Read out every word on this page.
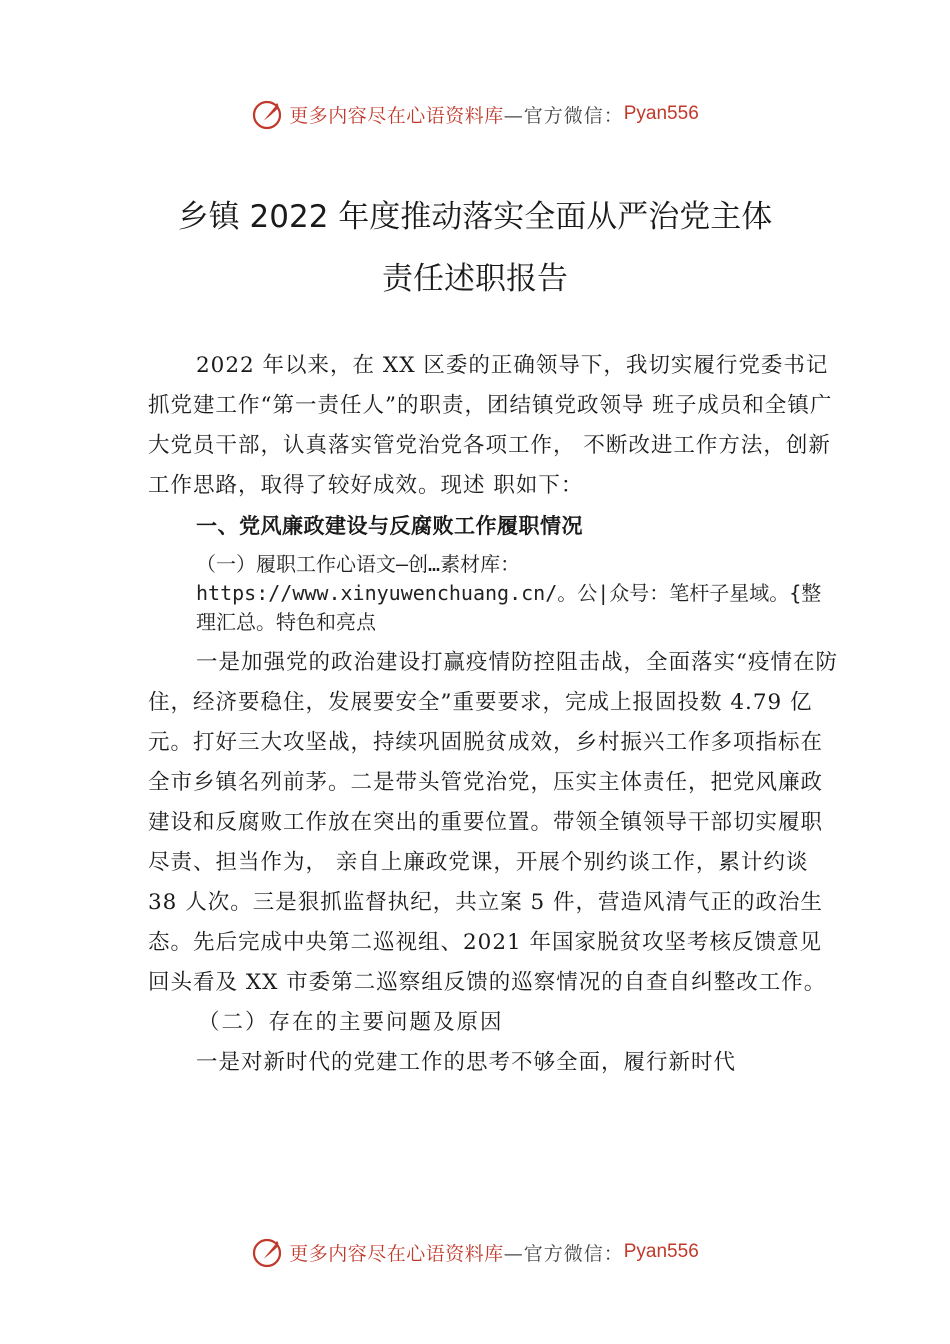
更多内容尽在心语资料库 —官方微信： Pyan556
乡镇 2022 年度推动落实全面从严治党主体
责任述职报告

2022 年以来，在 XX 区委的正确领导下，我切实履行党委书记抓党建工作“第一责任人”的职责，团结镇党政领导 班子成员和全镇广大党员干部，认真落实管党治党各项工作， 不断改进工作方法，创新工作思路，取得了较好成效。现述 职如下：

一、党风廉政建设与反腐败工作履职情况

（一）履职工作心语文—创…素材库：https://www.xinyuwenchuang.cn/。公|众号：笔杆子星域。{整理汇总。特色和亮点

一是加强党的政治建设打赢疫情防控阻击战，全面落实“疫情在防住，经济要稳住，发展要安全”重要要求，完成上报固投数 4.79 亿元。打好三大攻坚战，持续巩固脱贫成效，乡村振兴工作多项指标在全市乡镇名列前茅。二是带头管党治党，压实主体责任，把党风廉政建设和反腐败工作放在突出的重要位置。带领全镇领导干部切实履职尽责、担当作为， 亲自上廉政党课，开展个别约谈工作，累计约谈 38 人次。三是狠抓监督执纪，共立案 5 件，营造风清气正的政治生态。先后完成中央第二巡视组、2021 年国家脱贫攻坚考核反馈意见回头看及 XX 市委第二巡察组反馈的巡察情况的自查自纠整改工作。

（二）存在的主要问题及原因

一是对新时代的党建工作的思考不够全面，履行新时代

更多内容尽在心语资料库 —官方微信： Pyan556
